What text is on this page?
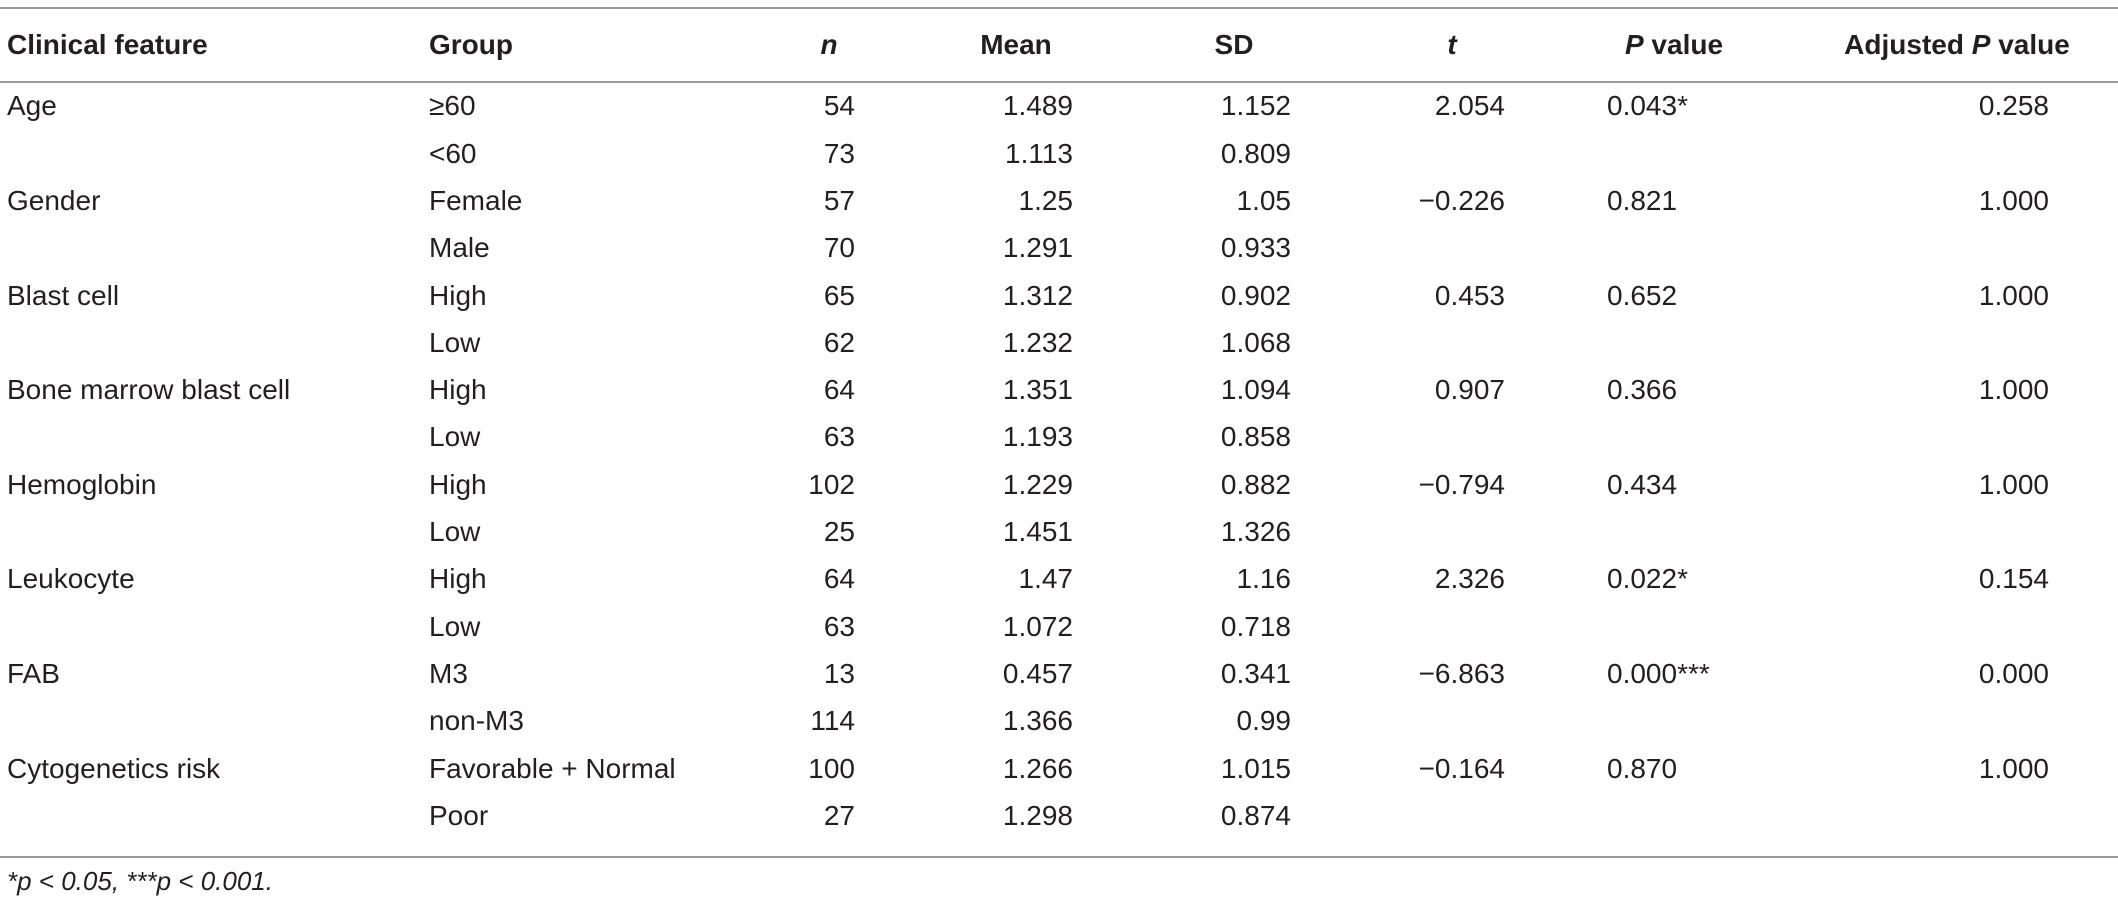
Clinical feature	Group	n	Mean	SD	t	P value	Adjusted P value
Age	≥60	54	1.489	1.152	2.054	0.043*	0.258
	<60	73	1.113	0.809			
Gender	Female	57	1.25	1.05	−0.226	0.821	1.000
	Male	70	1.291	0.933			
Blast cell	High	65	1.312	0.902	0.453	0.652	1.000
	Low	62	1.232	1.068			
Bone marrow blast cell	High	64	1.351	1.094	0.907	0.366	1.000
	Low	63	1.193	0.858			
Hemoglobin	High	102	1.229	0.882	−0.794	0.434	1.000
	Low	25	1.451	1.326			
Leukocyte	High	64	1.47	1.16	2.326	0.022*	0.154
	Low	63	1.072	0.718			
FAB	M3	13	0.457	0.341	−6.863	0.000***	0.000
	non-M3	114	1.366	0.99			
Cytogenetics risk	Favorable + Normal	100	1.266	1.015	−0.164	0.870	1.000
	Poor	27	1.298	0.874			
*p < 0.05, ***p < 0.001.
